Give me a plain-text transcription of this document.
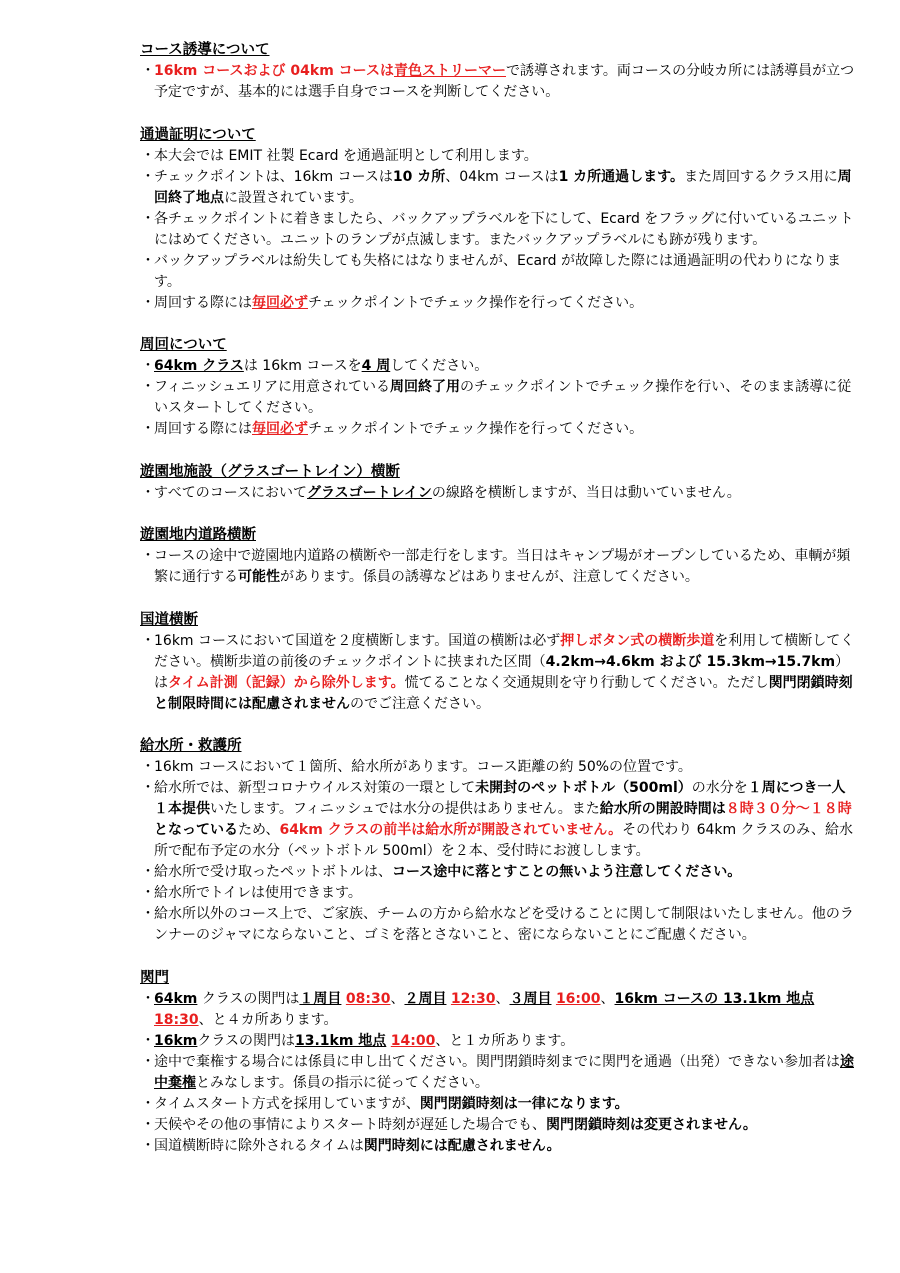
コース誘導について
・ 16km コースおよび 04km コースは青色ストリーマーで誘導されます。両コースの分岐カ所には誘導員が立つ予定ですが、基本的には選手自身でコースを判断してください。
通過証明について
・ 本大会では EMIT 社製 Ecard を通過証明として利用します。
・ チェックポイントは、16km コースは10 カ所、04km コースは1 カ所通過します。また周回するクラス用に周回終了地点に設置されています。
・ 各チェックポイントに着きましたら、バックアップラベルを下にして、Ecard をフラッグに付いているユニットにはめてください。ユニットのランプが点滅します。またバックアップラベルにも跡が残ります。
・ バックアップラベルは紛失しても失格にはなりませんが、Ecard が故障した際には通過証明の代わりになります。
・ 周回する際には毎回必ずチェックポイントでチェック操作を行ってください。
周回について
・ 64km クラスは 16km コースを4 周してください。
・ フィニッシュエリアに用意されている周回終了用のチェックポイントでチェック操作を行い、そのまま誘導に従いスタートしてください。
・ 周回する際には毎回必ずチェックポイントでチェック操作を行ってください。
遊園地施設（グラスゴートレイン）横断
・ すべてのコースにおいてグラスゴートレインの線路を横断しますが、当日は動いていません。
遊園地内道路横断
・ コースの途中で遊園地内道路の横断や一部走行をします。当日はキャンプ場がオープンしているため、車輌が頻繁に通行する可能性があります。係員の誘導などはありませんが、注意してください。
国道横断
・ 16km コースにおいて国道を２度横断します。国道の横断は必ず押しボタン式の横断歩道を利用して横断してください。横断歩道の前後のチェックポイントに挟まれた区間（4.2km→4.6km および 15.3km→15.7km）はタイム計測（記録）から除外します。慌てることなく交通規則を守り行動してください。ただし関門閉鎖時刻と制限時間には配慮されませんのでご注意ください。
給水所・救護所
・ 16km コースにおいて１箇所、給水所があります。コース距離の約 50%の位置です。
・ 給水所では、新型コロナウイルス対策の一環として未開封のペットボトル（500ml）の水分を１周につき一人１本提供いたします。フィニッシュでは水分の提供はありません。また給水所の開設時間は８時３０分～１８時となっているため、64km クラスの前半は給水所が開設されていません。その代わり 64km クラスのみ、給水所で配布予定の水分（ペットボトル 500ml）を２本、受付時にお渡しします。
・ 給水所で受け取ったペットボトルは、コース途中に落とすことの無いよう注意してください。
・ 給水所でトイレは使用できます。
・ 給水所以外のコース上で、ご家族、チームの方から給水などを受けることに関して制限はいたしません。他のランナーのジャマにならないこと、ゴミを落とさないこと、密にならないことにご配慮ください。
関門
・ 64km クラスの関門は１周目 08:30、２周目 12:30、３周目 16:00、16km コースの 13.1km 地点 18:30、と４カ所あります。
・ 16kmクラスの関門は13.1km 地点 14:00、と１カ所あります。
・ 途中で棄権する場合には係員に申し出てください。関門閉鎖時刻までに関門を通過（出発）できない参加者は途中棄権とみなします。係員の指示に従ってください。
・ タイムスタート方式を採用していますが、関門閉鎖時刻は一律になります。
・ 天候やその他の事情によりスタート時刻が遅延した場合でも、関門閉鎖時刻は変更されません。
・ 国道横断時に除外されるタイムは関門時刻には配慮されません。
